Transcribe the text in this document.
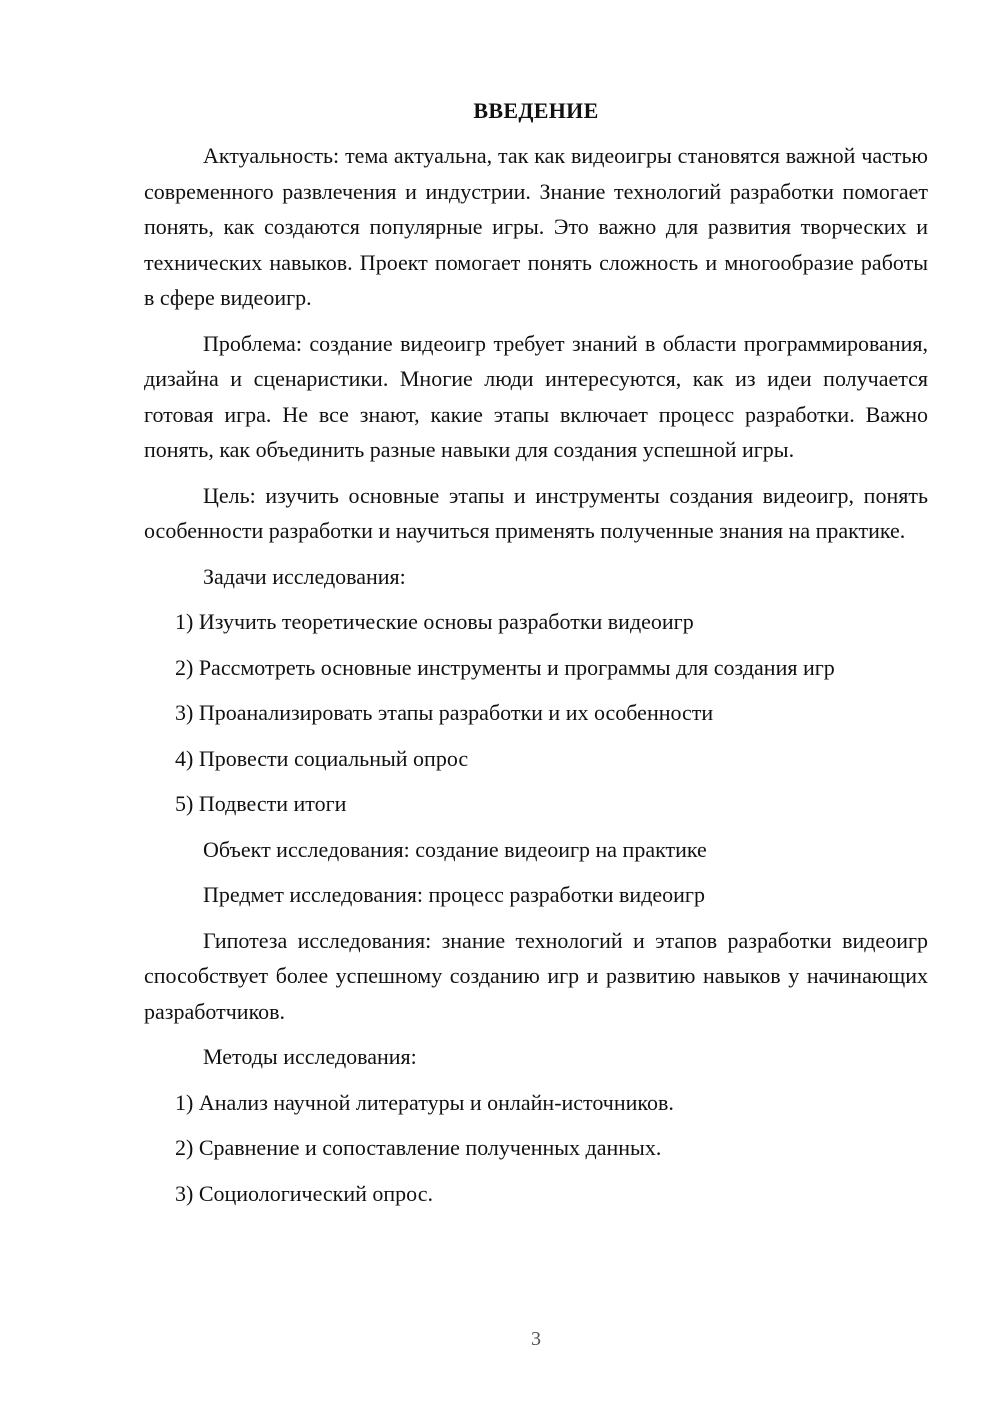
ВВЕДЕНИЕ

Актуальность: тема актуальна, так как видеоигры становятся важной частью современного развлечения и индустрии. Знание технологий разработки помогает понять, как создаются популярные игры. Это важно для развития творческих и технических навыков. Проект помогает понять сложность и многообразие работы в сфере видеоигр.

Проблема: создание видеоигр требует знаний в области программирования, дизайна и сценаристики. Многие люди интересуются, как из идеи получается готовая игра. Не все знают, какие этапы включает процесс разработки. Важно понять, как объединить разные навыки для создания успешной игры.

Цель: изучить основные этапы и инструменты создания видеоигр, понять особенности разработки и научиться применять полученные знания на практике.

Задачи исследования:
1) Изучить теоретические основы разработки видеоигр
2) Рассмотреть основные инструменты и программы для создания игр
3) Проанализировать этапы разработки и их особенности
4) Провести социальный опрос
5) Подвести итоги
Объект исследования: создание видеоигр на практике
Предмет исследования: процесс разработки видеоигр

Гипотеза исследования: знание технологий и этапов разработки видеоигр способствует более успешному созданию игр и развитию навыков у начинающих разработчиков.

Методы исследования:
1) Анализ научной литературы и онлайн-источников.
2) Сравнение и сопоставление полученных данных.
3) Социологический опрос.
3
